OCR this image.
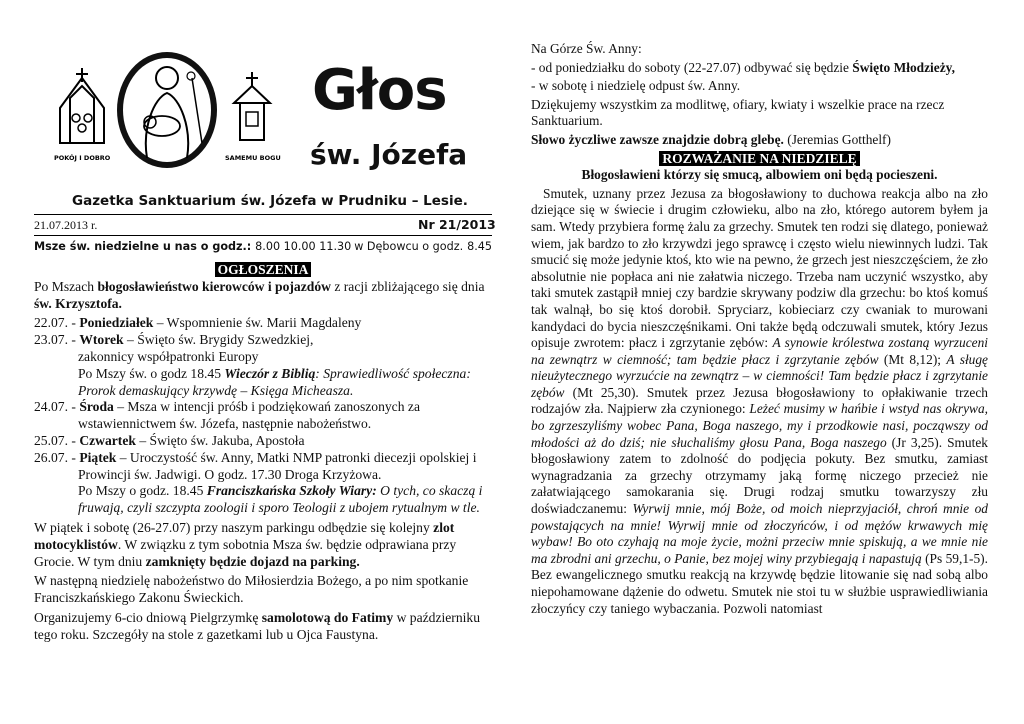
POKÓJ I DOBRO	SAMEMU BOGU
Głos
św. Józefa
Gazetka Sanktuarium św. Józefa w Prudniku – Lesie.
21.07.2013 r.	Nr 21/2013
Msze św. niedzielne u nas o godz.: 8.00 10.00 11.30 w Dębowcu o godz. 8.45
OGŁOSZENIA

Po Mszach błogosławieństwo kierowców i pojazdów z racji zbliżającego się dnia św. Krzysztofa.

22.07. - Poniedziałek – Wspomnienie św. Marii Magdaleny
23.07. - Wtorek – Święto św. Brygidy Szwedzkiej,
zakonnicy współpatronki Europy
Po Mszy św. o godz 18.45 Wieczór z Biblią: Sprawiedliwość społeczna: Prorok demaskujący krzywdę – Księga Micheasza.
24.07. - Środa – Msza w intencji próśb i podziękowań zanoszonych za wstawiennictwem św. Józefa, następnie nabożeństwo.
25.07. - Czwartek – Święto św. Jakuba, Apostoła
26.07. - Piątek – Uroczystość św. Anny, Matki NMP patronki diecezji opolskiej i Prowincji św. Jadwigi. O godz. 17.30 Droga Krzyżowa.

Po Mszy o godz. 18.45 Franciszkańska Szkoły Wiary: O tych, co skaczą i fruwają, czyli szczypta zoologii i sporo Teologii z ubojem rytualnym w tle.

W piątek i sobotę (26-27.07) przy naszym parkingu odbędzie się kolejny zlot motocyklistów. W związku z tym sobotnia Msza św. będzie odprawiana przy Grocie. W tym dniu zamknięty będzie dojazd na parking.

W następną niedzielę nabożeństwo do Miłosierdzia Bożego, a po nim spotkanie Franciszkańskiego Zakonu Świeckich.

Organizujemy 6-cio dniową Pielgrzymkę samolotową do Fatimy w październiku tego roku. Szczegóły na stole z gazetkami lub u Ojca Faustyna.

Na Górze Św. Anny:

- od poniedziałku do soboty (22-27.07) odbywać się będzie Święto Młodzieży,

- w sobotę i niedzielę odpust św. Anny.

Dziękujemy wszystkim za modlitwę, ofiary, kwiaty i wszelkie prace na rzecz Sanktuarium.

Słowo życzliwe zawsze znajdzie dobrą glebę. (Jeremias Gotthelf)

ROZWAŻANIE NA NIEDZIELĘ

Błogosławieni którzy się smucą, albowiem oni będą pocieszeni.

Smutek, uznany przez Jezusa za błogosławiony to duchowa reakcja albo na zło dziejące się w świecie i drugim człowieku, albo na zło, którego autorem byłem ja sam. Wtedy przybiera formę żalu za grzechy. Smutek ten rodzi się dlatego, ponieważ wiem, jak bardzo to zło krzywdzi jego sprawcę i często wielu niewinnych ludzi. Tak smucić się może jedynie ktoś, kto wie na pewno, że grzech jest nieszczęściem, że zło absolutnie nie popłaca ani nie załatwia niczego. Trzeba nam uczynić wszystko, aby taki smutek zastąpił mniej czy bardzie skrywany podziw dla grzechu: bo ktoś komuś tak walnął, bo się ktoś dorobił. Spryciarz, kobieciarz czy cwaniak to murowani kandydaci do bycia nieszczęśnikami. Oni także będą odczuwali smutek, który Jezus opisuje zwrotem: płacz i zgrzytanie zębów: A synowie królestwa zostaną wyrzuceni na zewnątrz w ciemność; tam będzie płacz i zgrzytanie zębów (Mt 8,12); A sługę nieużytecznego wyrzućcie na zewnątrz – w ciemności! Tam będzie płacz i zgrzytanie zębów (Mt 25,30). Smutek przez Jezusa błogosławiony to opłakiwanie trzech rodzajów zła. Najpierw zła czynionego: Leżeć musimy w hańbie i wstyd nas okrywa, bo zgrzeszyliśmy wobec Pana, Boga naszego, my i przodkowie nasi, począwszy od młodości aż do dziś; nie słuchaliśmy głosu Pana, Boga naszego (Jr 3,25). Smutek błogosławiony zatem to zdolność do podjęcia pokuty. Bez smutku, zamiast wynagradzania za grzechy otrzymamy jaką formę niczego przecież nie załatwiającego samokarania się. Drugi rodzaj smutku towarzyszy złu doświadczanemu: Wyrwij mnie, mój Boże, od moich nieprzyjaciół, chroń mnie od powstających na mnie! Wyrwij mnie od złoczyńców, i od mężów krwawych mię wybaw! Bo oto czyhają na moje życie, możni przeciw mnie spiskują, a we mnie nie ma zbrodni ani grzechu, o Panie, bez mojej winy przybiegają i napastują (Ps 59,1-5). Bez ewangelicznego smutku reakcją na krzywdę będzie litowanie się nad sobą albo niepohamowane dążenie do odwetu. Smutek nie stoi tu w służbie usprawiedliwiania złoczyńcy czy taniego wybaczania. Pozwoli natomiast
